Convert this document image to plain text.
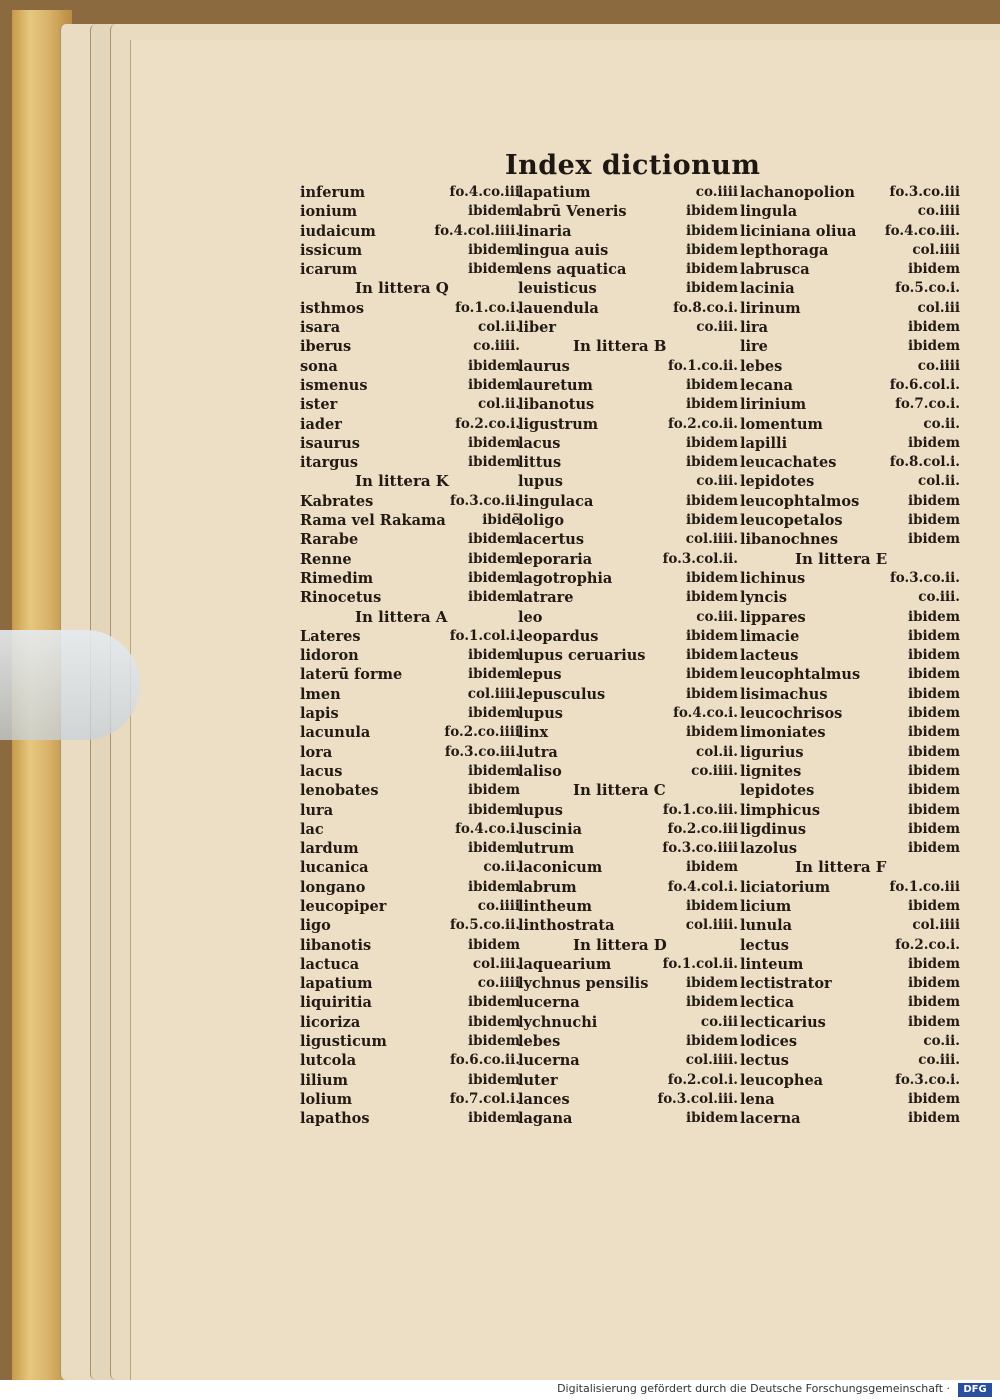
Index dictionum
inferum	fo.4.co.iii
ionium	ibidem
iudaicum	fo.4.col.iiii.
issicum	ibidem
icarum	ibidem
In littera Q
isthmos	fo.1.co.i.
isara	col.ii.
iberus	co.iiii.
sona	ibidem
ismenus	ibidem
ister	col.ii.
iader	fo.2.co.i.
isaurus	ibidem
itargus	ibidem
In littera K
Kabrates	fo.3.co.ii.
Rama vel Rakama	ibidē
Rarabe	ibidem
Renne	ibidem
Rimedim	ibidem
Rinocetus	ibidem
In littera A
Lateres	fo.1.col.i.
lidoron	ibidem
laterū forme	ibidem
lmen	col.iiii.
lapis	ibidem
lacunula	fo.2.co.iiii
lora	fo.3.co.iii.
lacus	ibidem
lenobates	ibidem
lura	ibidem
lac	fo.4.co.i.
lardum	ibidem
lucanica	co.ii.
longano	ibidem
leucopiper	co.iiii
ligo	fo.5.co.ii.
libanotis	ibidem
lactuca	col.iii.
lapatium	co.iiii
liquiritia	ibidem
licoriza	ibidem
ligusticum	ibidem
lutcola	fo.6.co.ii.
lilium	ibidem
lolium	fo.7.col.i.
lapathos	ibidem
lapatium	co.iiii
labrū Veneris	ibidem
linaria	ibidem
lingua auis	ibidem
lens aquatica	ibidem
leuisticus	ibidem
lauendula	fo.8.co.i.
liber	co.iii.
In littera B
laurus	fo.1.co.ii.
lauretum	ibidem
libanotus	ibidem
ligustrum	fo.2.co.ii.
lacus	ibidem
littus	ibidem
lupus	co.iii.
lingulaca	ibidem
loligo	ibidem
lacertus	col.iiii.
leporaria	fo.3.col.ii.
lagotrophia	ibidem
latrare	ibidem
leo	co.iii.
leopardus	ibidem
lupus ceruarius	ibidem
lepus	ibidem
lepusculus	ibidem
lupus	fo.4.co.i.
linx	ibidem
lutra	col.ii.
laliso	co.iiii.
In littera C
lupus	fo.1.co.iii.
luscinia	fo.2.co.iii
lutrum	fo.3.co.iiii
laconicum	ibidem
labrum	fo.4.col.i.
lintheum	ibidem
linthostrata	col.iiii.
In littera D
laquearium	fo.1.col.ii.
lychnus pensilis	ibidem
lucerna	ibidem
lychnuchi	co.iii
lebes	ibidem
lucerna	col.iiii.
luter	fo.2.col.i.
lances	fo.3.col.iii.
lagana	ibidem
lachanopolion	fo.3.co.iii
lingula	co.iiii
liciniana oliua fo.4.co.iii.
lepthoraga	col.iiii
labrusca	ibidem
lacinia	fo.5.co.i.
lirinum	col.iii
lira	ibidem
lire	ibidem
lebes	co.iiii
lecana	fo.6.col.i.
lirinium	fo.7.co.i.
lomentum	co.ii.
lapilli	ibidem
leucachates	fo.8.col.i.
lepidotes	col.ii.
leucophtalmos	ibidem
leucopetalos	ibidem
libanochnes	ibidem
In littera E
lichinus	fo.3.co.ii.
lyncis	co.iii.
lippares	ibidem
limacie	ibidem
lacteus	ibidem
leucophtalmus	ibidem
lisimachus	ibidem
leucochrisos	ibidem
limoniates	ibidem
ligurius	ibidem
lignites	ibidem
lepidotes	ibidem
limphicus	ibidem
ligdinus	ibidem
lazolus	ibidem
In littera F
liciatorium	fo.1.co.iii
licium	ibidem
lunula	col.iiii
lectus	fo.2.co.i.
linteum	ibidem
lectistrator	ibidem
lectica	ibidem
lecticarius	ibidem
lodices	co.ii.
lectus	co.iii.
leucophea	fo.3.co.i.
lena	ibidem
lacerna	ibidem
Digitalisierung gefördert durch die Deutsche Forschungsgemeinschaft ·	DFG
